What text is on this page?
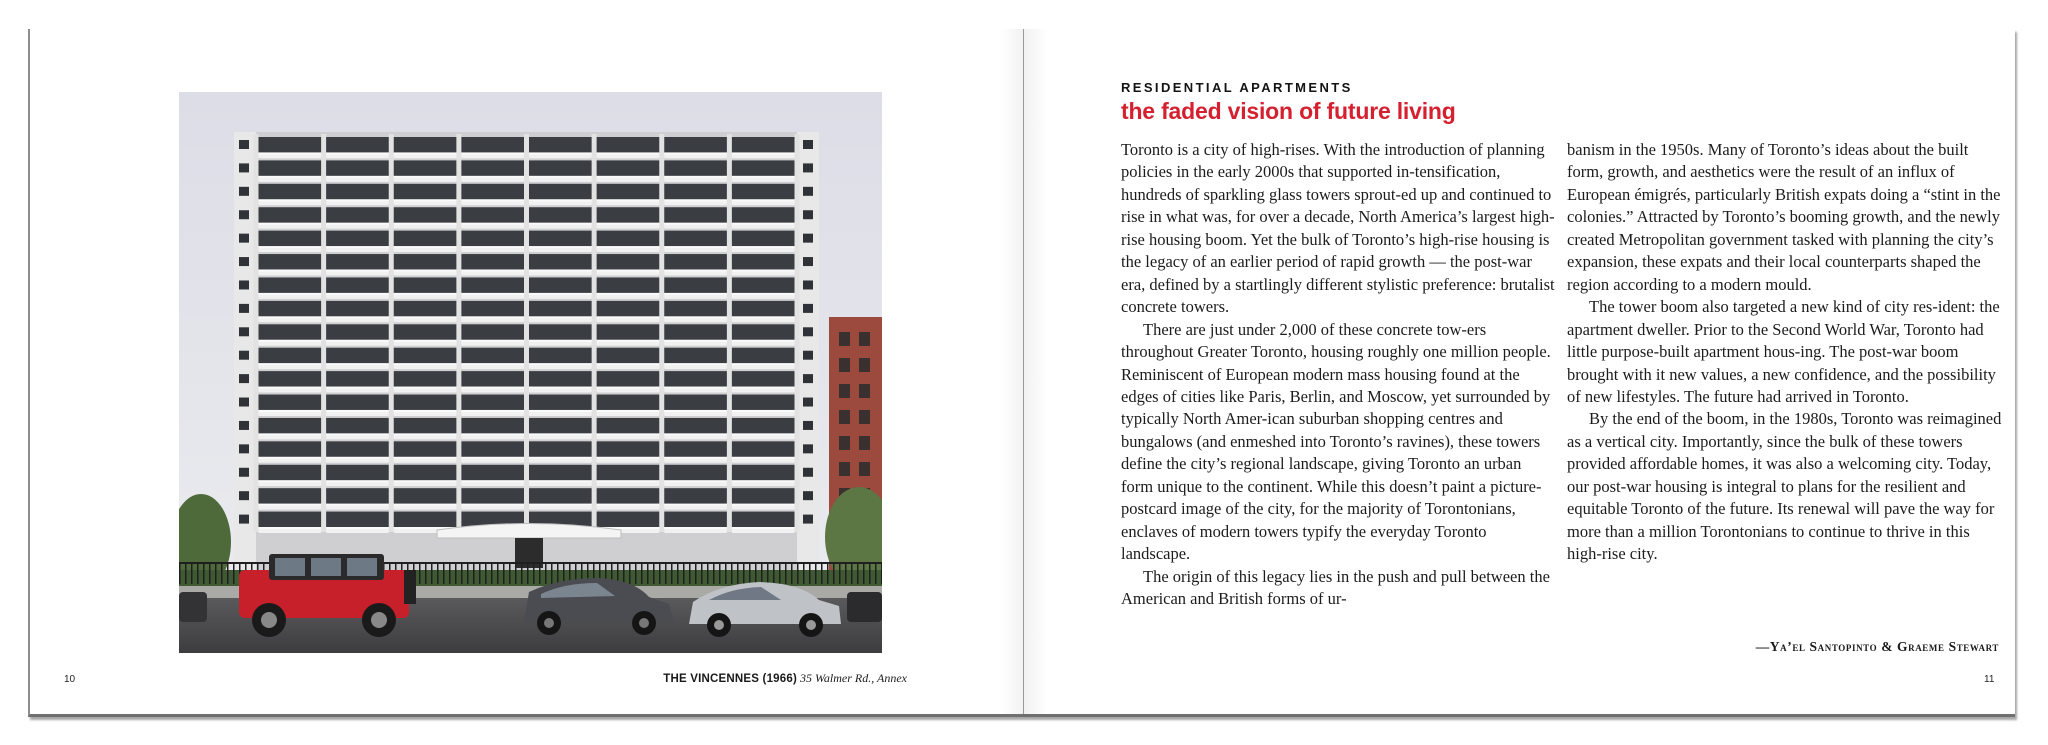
THE VINCENNES (1966) 35 Walmer Rd., Annex
10
RESIDENTIAL APARTMENTS
the faded vision of future living

Toronto is a city of high-rises. With the introduction of planning policies in the early 2000s that supported in-tensification, hundreds of sparkling glass towers sprout-ed up and continued to rise in what was, for over a decade, North America’s largest high-rise housing boom. Yet the bulk of Toronto’s high-rise housing is the legacy of an earlier period of rapid growth — the post-war era, defined by a startlingly different stylistic preference: brutalist concrete towers.

There are just under 2,000 of these concrete tow-ers throughout Greater Toronto, housing roughly one million people. Reminiscent of European modern mass housing found at the edges of cities like Paris, Berlin, and Moscow, yet surrounded by typically North Amer-ican suburban shopping centres and bungalows (and enmeshed into Toronto’s ravines), these towers define the city’s regional landscape, giving Toronto an urban form unique to the continent. While this doesn’t paint a picture-postcard image of the city, for the majority of Torontonians, enclaves of modern towers typify the everyday Toronto landscape.

The origin of this legacy lies in the push and pull between the American and British forms of ur-

banism in the 1950s. Many of Toronto’s ideas about the built form, growth, and aesthetics were the result of an influx of European émigrés, particularly British expats doing a “stint in the colonies.” Attracted by Toronto’s booming growth, and the newly created Metropolitan government tasked with planning the city’s expansion, these expats and their local counterparts shaped the region according to a modern mould.

The tower boom also targeted a new kind of city res-ident: the apartment dweller. Prior to the Second World War, Toronto had little purpose-built apartment hous-ing. The post-war boom brought with it new values, a new confidence, and the possibility of new lifestyles. The future had arrived in Toronto.

By the end of the boom, in the 1980s, Toronto was reimagined as a vertical city. Importantly, since the bulk of these towers provided affordable homes, it was also a welcoming city. Today, our post-war housing is integral to plans for the resilient and equitable Toronto of the future. Its renewal will pave the way for more than a million Torontonians to continue to thrive in this high-rise city.

—Ya’el Santopinto & Graeme Stewart
11
